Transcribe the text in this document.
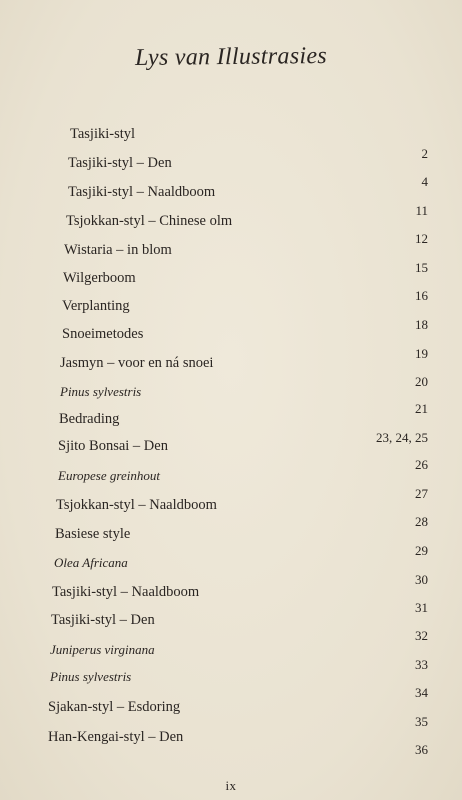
Lys van Illustrasies
Tasjiki-styl
2
Tasjiki-styl – Den
4
Tasjiki-styl – Naaldboom
11
Tsjokkan-styl – Chinese olm
12
Wistaria – in blom
15
Wilgerboom
16
Verplanting
18
Snoeimetodes
19
Jasmyn – voor en ná snoei
20
Pinus sylvestris
21
Bedrading
23, 24, 25
Sjito Bonsai – Den
26
Europese greinhout
27
Tsjokkan-styl – Naaldboom
28
Basiese style
29
Olea Africana
30
Tasjiki-styl – Naaldboom
31
Tasjiki-styl – Den
32
Juniperus virginana
33
Pinus sylvestris
34
Sjakan-styl – Esdoring
35
Han-Kengai-styl – Den
36
ix
